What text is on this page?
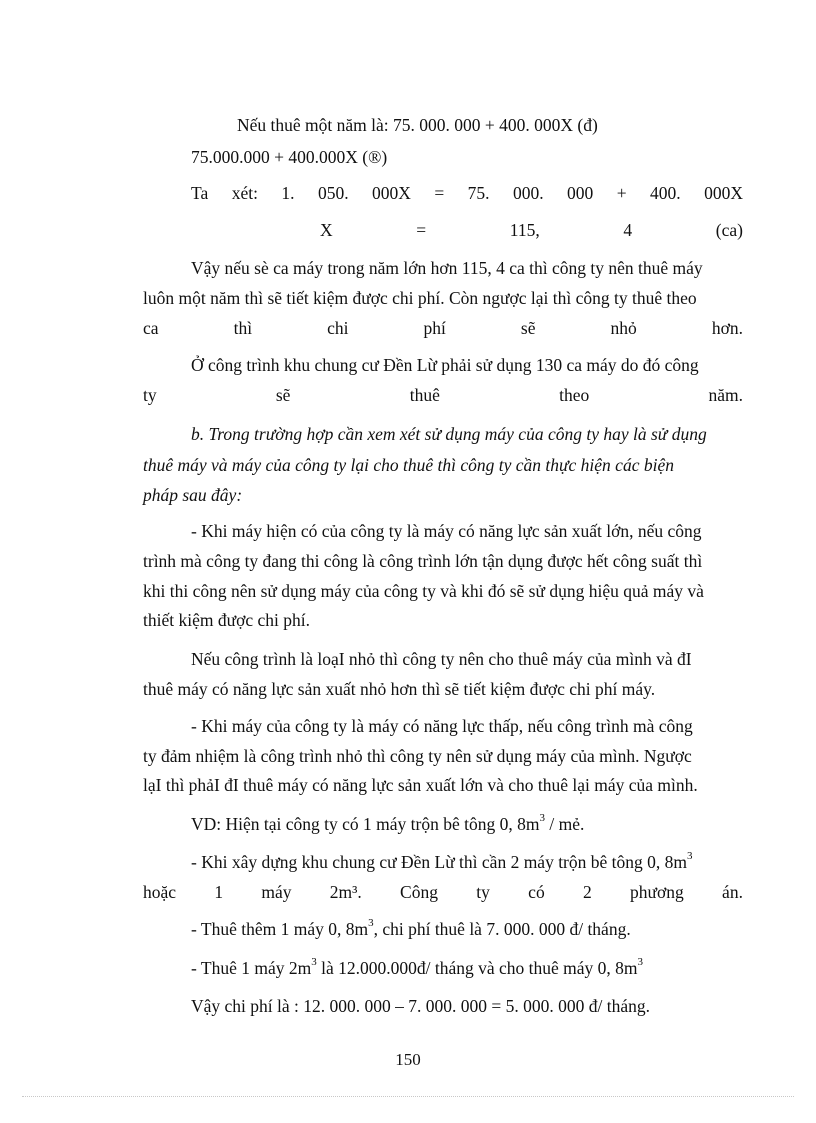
Nếu thuê một năm là: 75. 000. 000 + 400. 000X (đ)
75.000.000 + 400.000X (®)
Ta xét: 1. 050. 000X = 75. 000. 000 + 400. 000X
X	=	115,	4	(ca)
Vậy nếu sè ca máy trong năm lớn hơn 115, 4 ca thì công ty nên thuê máy
luôn một năm thì sẽ tiết kiệm được chi phí. Còn ngược lại thì công ty thuê theo
ca	thì	chi	phí	sẽ	nhỏ	hơn.
Ở công trình khu chung cư Đền Lừ phải sử dụng 130 ca máy do đó công
ty	sẽ	thuê	theo	năm.
b. Trong trường hợp cần xem xét sử dụng máy của công ty hay là sử dụng
thuê máy và máy của công ty lại cho thuê thì công ty cần thực hiện các biện
pháp sau đây:
- Khi máy hiện có của công ty là máy có năng lực sản xuất lớn, nếu công
trình mà công ty đang thi công là công trình lớn tận dụng được hết công suất thì
khi thi công nên sử dụng máy của công ty và khi đó sẽ sử dụng hiệu quả máy và
thiết kiệm được chi phí.
Nếu công trình là loạI nhỏ thì công ty nên cho thuê máy của mình và đI
thuê máy có năng lực sản xuất nhỏ hơn thì sẽ tiết kiệm được chi phí máy.
- Khi máy của công ty là máy có năng lực thấp, nếu công trình mà công
ty đảm nhiệm là công trình nhỏ thì công ty nên sử dụng máy của mình. Ngược
lạI thì phảI đI thuê máy có năng lực sản xuất lớn và cho thuê lại máy của mình.
VD: Hiện tại công ty có 1 máy trộn bê tông 0, $8m^3$ / mẻ.
- Khi xây dựng khu chung cư Đền Lừ thì cần 2 máy trộn bê tông 0, $8m^3$
hoặc 1 máy 2m³. Công ty có 2 phương án.
- Thuê thêm 1 máy 0, $8m^3$, chi phí thuê là 7. 000. 000 đ/ tháng.
- Thuê 1 máy $2m^3$ là 12.000.000đ/ tháng và cho thuê máy 0, $8m^3$
Vậy chi phí là : 12. 000. 000 – 7. 000. 000 = 5. 000. 000 đ/ tháng.
150
